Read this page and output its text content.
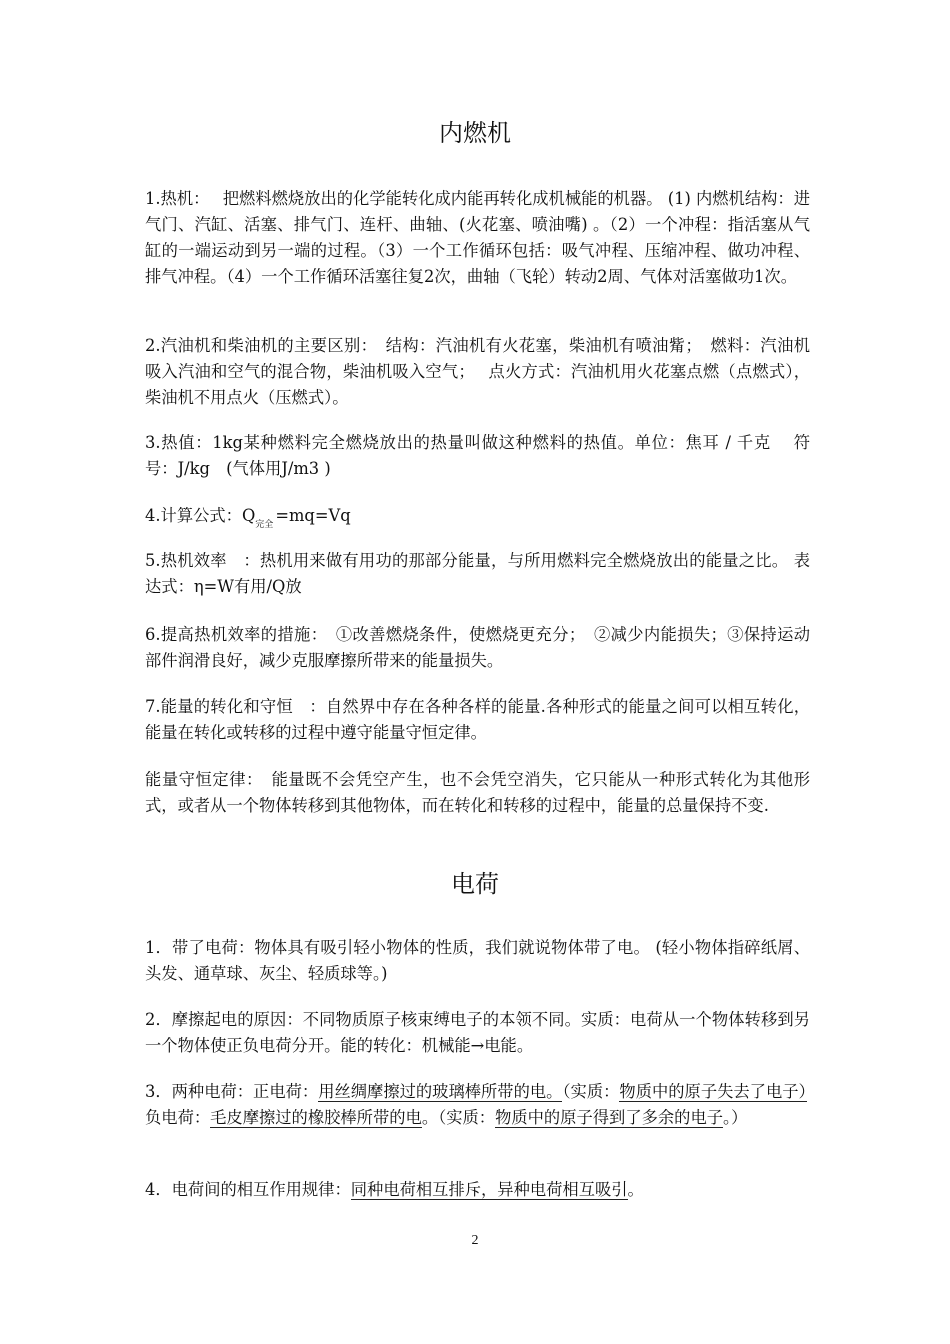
内燃机
1.热机：　 把燃料燃烧放出的化学能转化成内能再转化成机械能的机器。 (1) 内燃机结构：进气门、汽缸、活塞、排气门、连杆、曲轴、(火花塞、喷油嘴) 。（2）一个冲程：指活塞从气缸的一端运动到另一端的过程。（3）一个工作循环包括：吸气冲程、压缩冲程、做功冲程、排气冲程。（4）一个工作循环活塞往复2次，曲轴（飞轮）转动2周、气体对活塞做功1次。
2.汽油机和柴油机的主要区别：　结构：汽油机有火花塞，柴油机有喷油觜；　燃料：汽油机吸入汽油和空气的混合物，柴油机吸入空气；　 点火方式：汽油机用火花塞点燃（点燃式），柴油机不用点火（压燃式）。
3.热值：1kg某种燃料完全燃烧放出的热量叫做这种燃料的热值。单位：焦耳 / 千克　 符号：J/kg　(气体用J/m3 )
4.计算公式：$Q_{完全} =mq=Vq$
5.热机效率　：热机用来做有用功的那部分能量，与所用燃料完全燃烧放出的能量之比。 表达式：η=W有用/Q放
6.提高热机效率的措施：　①改善燃烧条件，使燃烧更充分；　②减少内能损失；③保持运动部件润滑良好，减少克服摩擦所带来的能量损失。
7.能量的转化和守恒　：自然界中存在各种各样的能量.各种形式的能量之间可以相互转化，能量在转化或转移的过程中遵守能量守恒定律。
能量守恒定律：　能量既不会凭空产生，也不会凭空消失，它只能从一种形式转化为其他形式，或者从一个物体转移到其他物体，而在转化和转移的过程中，能量的总量保持不变.
电荷
1．带了电荷：物体具有吸引轻小物体的性质，我们就说物体带了电。 (轻小物体指碎纸屑、头发、通草球、灰尘、轻质球等。)
2．摩擦起电的原因：不同物质原子核束缚电子的本领不同。实质：电荷从一个物体转移到另一个物体使正负电荷分开。能的转化：机械能→电能。
3．两种电荷：正电荷：用丝绸摩擦过的玻璃棒所带的电。（实质：物质中的原子失去了电子）　 负电荷：毛皮摩擦过的橡胶棒所带的电。（实质：物质中的原子得到了多余的电子。）
4．电荷间的相互作用规律：同种电荷相互排斥，异种电荷相互吸引。
2
